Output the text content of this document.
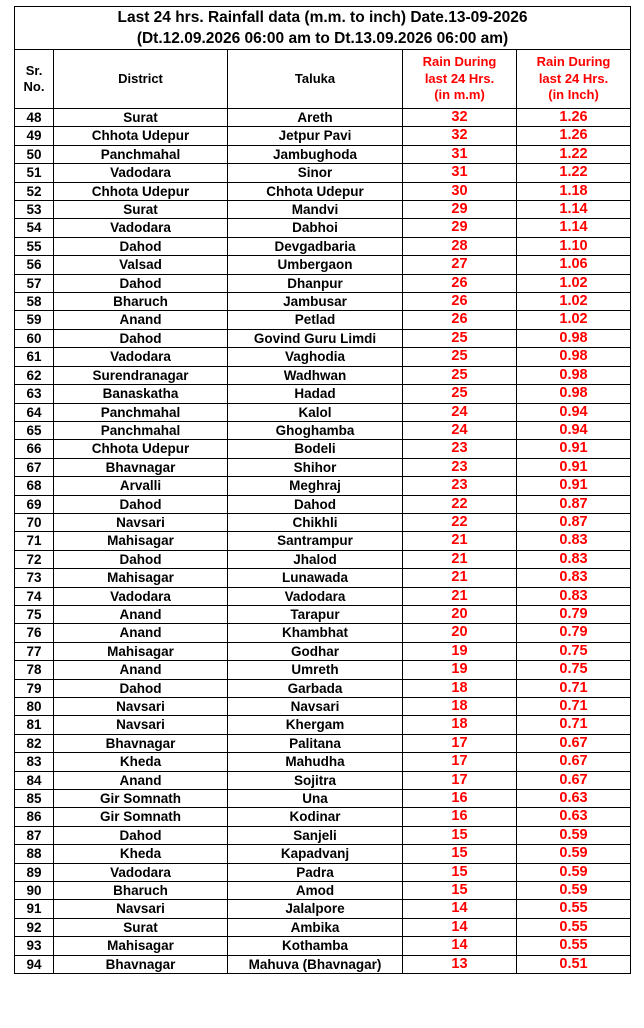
Last 24 hrs. Rainfall data (m.m. to inch) Date.13-09-2026				
(Dt.12.09.2026 06:00 am to Dt.13.09.2026 06:00 am)				
Sr.
No.	District	Taluka	Rain During
last 24 Hrs.
(in m.m)	Rain During
last 24 Hrs.
(in Inch)
48	Surat	Areth	32	1.26
49	Chhota Udepur	Jetpur Pavi	32	1.26
50	Panchmahal	Jambughoda	31	1.22
51	Vadodara	Sinor	31	1.22
52	Chhota Udepur	Chhota Udepur	30	1.18
53	Surat	Mandvi	29	1.14
54	Vadodara	Dabhoi	29	1.14
55	Dahod	Devgadbaria	28	1.10
56	Valsad	Umbergaon	27	1.06
57	Dahod	Dhanpur	26	1.02
58	Bharuch	Jambusar	26	1.02
59	Anand	Petlad	26	1.02
60	Dahod	Govind Guru Limdi	25	0.98
61	Vadodara	Vaghodia	25	0.98
62	Surendranagar	Wadhwan	25	0.98
63	Banaskatha	Hadad	25	0.98
64	Panchmahal	Kalol	24	0.94
65	Panchmahal	Ghoghamba	24	0.94
66	Chhota Udepur	Bodeli	23	0.91
67	Bhavnagar	Shihor	23	0.91
68	Arvalli	Meghraj	23	0.91
69	Dahod	Dahod	22	0.87
70	Navsari	Chikhli	22	0.87
71	Mahisagar	Santrampur	21	0.83
72	Dahod	Jhalod	21	0.83
73	Mahisagar	Lunawada	21	0.83
74	Vadodara	Vadodara	21	0.83
75	Anand	Tarapur	20	0.79
76	Anand	Khambhat	20	0.79
77	Mahisagar	Godhar	19	0.75
78	Anand	Umreth	19	0.75
79	Dahod	Garbada	18	0.71
80	Navsari	Navsari	18	0.71
81	Navsari	Khergam	18	0.71
82	Bhavnagar	Palitana	17	0.67
83	Kheda	Mahudha	17	0.67
84	Anand	Sojitra	17	0.67
85	Gir Somnath	Una	16	0.63
86	Gir Somnath	Kodinar	16	0.63
87	Dahod	Sanjeli	15	0.59
88	Kheda	Kapadvanj	15	0.59
89	Vadodara	Padra	15	0.59
90	Bharuch	Amod	15	0.59
91	Navsari	Jalalpore	14	0.55
92	Surat	Ambika	14	0.55
93	Mahisagar	Kothamba	14	0.55
94	Bhavnagar	Mahuva (Bhavnagar)	13	0.51
